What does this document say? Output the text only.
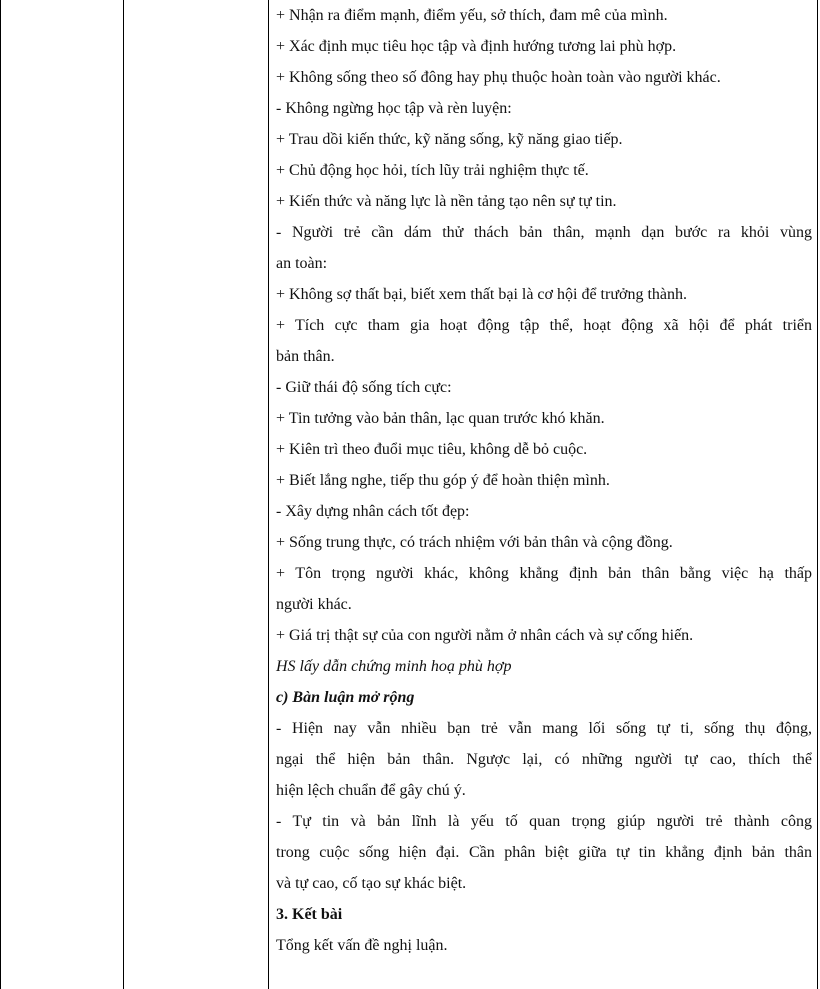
+ Nhận ra điểm mạnh, điểm yếu, sở thích, đam mê của mình.
+ Xác định mục tiêu học tập và định hướng tương lai phù hợp.
+ Không sống theo số đông hay phụ thuộc hoàn toàn vào người khác.
- Không ngừng học tập và rèn luyện:
+ Trau dồi kiến thức, kỹ năng sống, kỹ năng giao tiếp.
+ Chủ động học hỏi, tích lũy trải nghiệm thực tế.
+ Kiến thức và năng lực là nền tảng tạo nên sự tự tin.
- Người trẻ cần dám thử thách bản thân, mạnh dạn bước ra khỏi vùng
an toàn:
+ Không sợ thất bại, biết xem thất bại là cơ hội để trưởng thành.
+ Tích cực tham gia hoạt động tập thể, hoạt động xã hội để phát triển
bản thân.
- Giữ thái độ sống tích cực:
+ Tin tưởng vào bản thân, lạc quan trước khó khăn.
+ Kiên trì theo đuổi mục tiêu, không dễ bỏ cuộc.
+ Biết lắng nghe, tiếp thu góp ý để hoàn thiện mình.
- Xây dựng nhân cách tốt đẹp:
+ Sống trung thực, có trách nhiệm với bản thân và cộng đồng.
+ Tôn trọng người khác, không khẳng định bản thân bằng việc hạ thấp
người khác.
+ Giá trị thật sự của con người nằm ở nhân cách và sự cống hiến.
HS lấy dẫn chứng minh hoạ phù hợp
c) Bàn luận mở rộng
- Hiện nay vẫn nhiều bạn trẻ vẫn mang lối sống tự ti, sống thụ động,
ngại thể hiện bản thân. Ngược lại, có những người tự cao, thích thể
hiện lệch chuẩn để gây chú ý.
- Tự tin và bản lĩnh là yếu tố quan trọng giúp người trẻ thành công
trong cuộc sống hiện đại. Cần phân biệt giữa tự tin khẳng định bản thân
và tự cao, cố tạo sự khác biệt.
3. Kết bài
Tổng kết vấn đề nghị luận.
